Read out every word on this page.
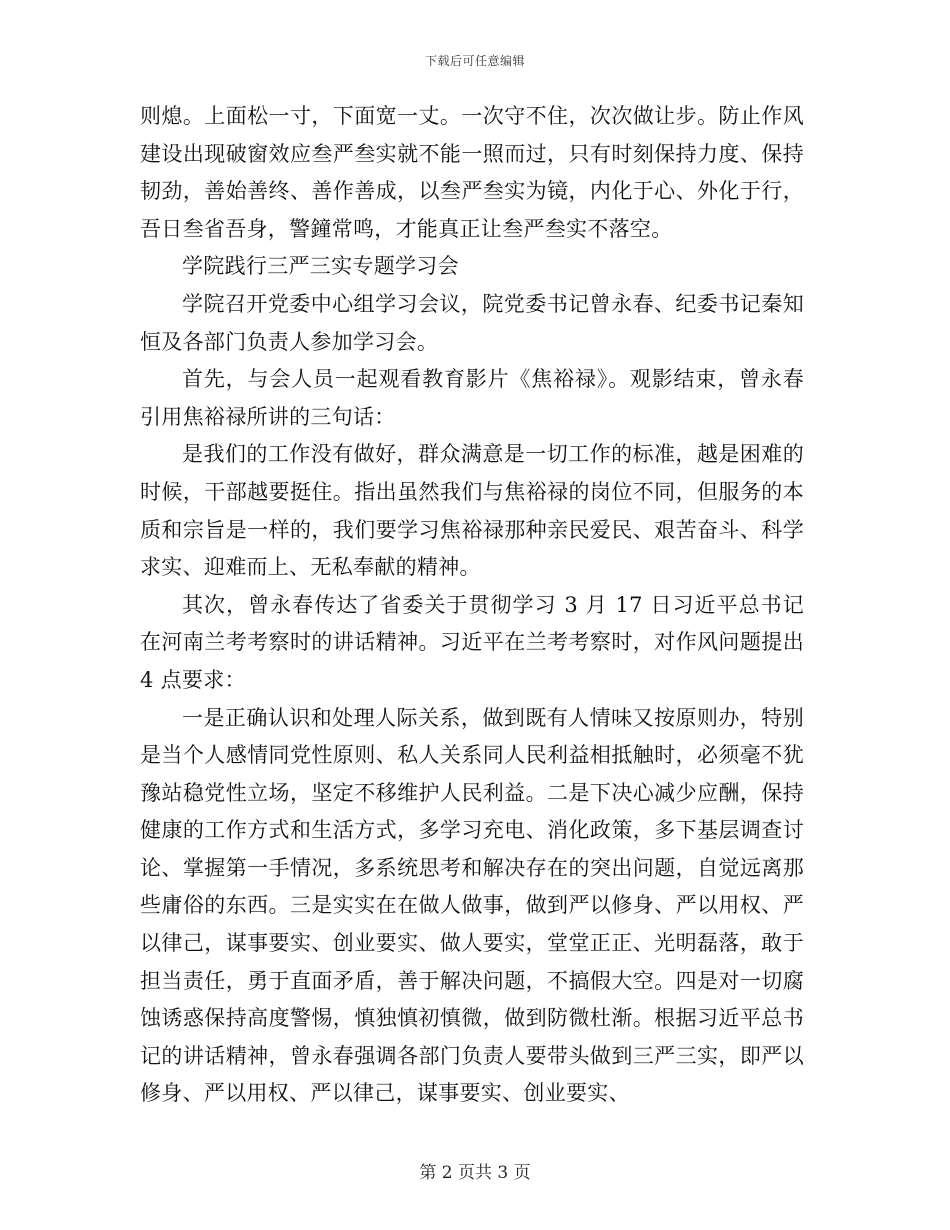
下载后可任意编辑

则熄。上面松一寸，下面宽一丈。一次守不住，次次做让步。防止作风建设出现破窗效应叁严叁实就不能一照而过，只有时刻保持力度、保持韧劲，善始善终、善作善成，以叁严叁实为镜，内化于心、外化于行，吾日叁省吾身，警鐘常鸣，才能真正让叁严叁实不落空。

学院践行三严三实专题学习会

学院召开党委中心组学习会议，院党委书记曾永春、纪委书记秦知恒及各部门负责人参加学习会。

首先，与会人员一起观看教育影片《焦裕禄》。观影结束，曾永春引用焦裕禄所讲的三句话：

是我们的工作没有做好，群众满意是一切工作的标准，越是困难的时候，干部越要挺住。指出虽然我们与焦裕禄的岗位不同，但服务的本质和宗旨是一样的，我们要学习焦裕禄那种亲民爱民、艰苦奋斗、科学求实、迎难而上、无私奉献的精神。

其次，曾永春传达了省委关于贯彻学习 3 月 17 日习近平总书记在河南兰考考察时的讲话精神。习近平在兰考考察时，对作风问题提出 4 点要求：

一是正确认识和处理人际关系，做到既有人情味又按原则办，特别是当个人感情同党性原则、私人关系同人民利益相抵触时，必须毫不犹豫站稳党性立场，坚定不移维护人民利益。二是下决心减少应酬，保持健康的工作方式和生活方式，多学习充电、消化政策，多下基层调查讨论、掌握第一手情况，多系统思考和解决存在的突出问题，自觉远离那些庸俗的东西。三是实实在在做人做事，做到严以修身、严以用权、严以律己，谋事要实、创业要实、做人要实，堂堂正正、光明磊落，敢于担当责任，勇于直面矛盾，善于解决问题，不搞假大空。四是对一切腐蚀诱惑保持高度警惕，慎独慎初慎微，做到防微杜渐。根据习近平总书记的讲话精神，曾永春强调各部门负责人要带头做到三严三实，即严以修身、严以用权、严以律己，谋事要实、创业要实、

第 2 页共 3 页
